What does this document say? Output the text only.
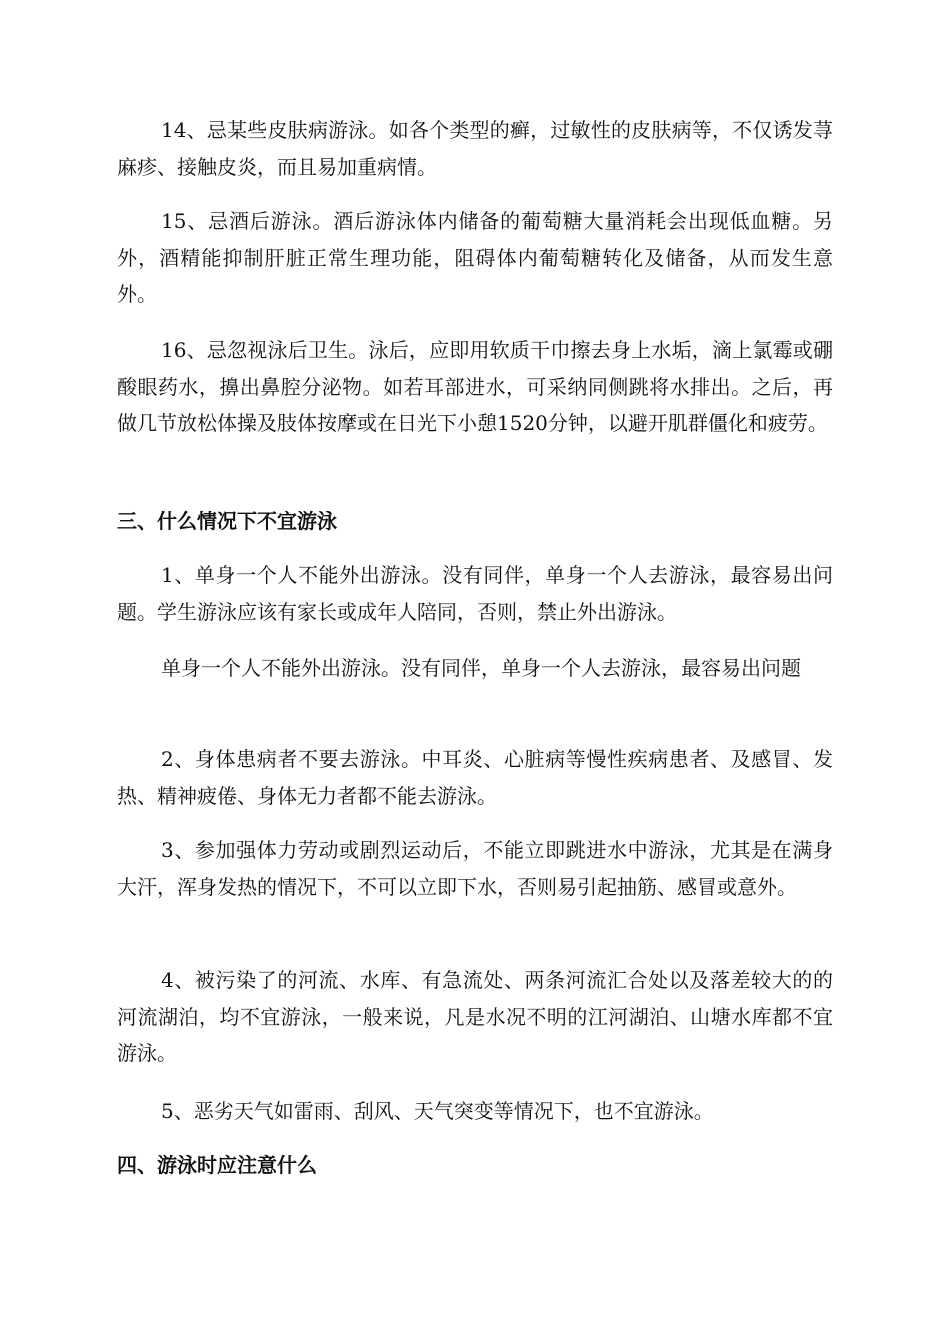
14、忌某些皮肤病游泳。如各个类型的癣，过敏性的皮肤病等，不仅诱发荨麻疹、接触皮炎，而且易加重病情。

15、忌酒后游泳。酒后游泳体内储备的葡萄糖大量消耗会出现低血糖。另外，酒精能抑制肝脏正常生理功能，阻碍体内葡萄糖转化及储备，从而发生意外。

16、忌忽视泳后卫生。泳后，应即用软质干巾擦去身上水垢，滴上氯霉或硼酸眼药水，擤出鼻腔分泌物。如若耳部进水，可采纳同侧跳将水排出。之后，再做几节放松体操及肢体按摩或在日光下小憩1520分钟，以避开肌群僵化和疲劳。

三、什么情况下不宜游泳

1、单身一个人不能外出游泳。没有同伴，单身一个人去游泳，最容易出问题。学生游泳应该有家长或成年人陪同，否则，禁止外出游泳。

单身一个人不能外出游泳。没有同伴，单身一个人去游泳，最容易出问题

2、身体患病者不要去游泳。中耳炎、心脏病等慢性疾病患者、及感冒、发热、精神疲倦、身体无力者都不能去游泳。

3、参加强体力劳动或剧烈运动后，不能立即跳进水中游泳，尤其是在满身大汗，浑身发热的情况下，不可以立即下水，否则易引起抽筋、感冒或意外。

4、被污染了的河流、水库、有急流处、两条河流汇合处以及落差较大的的河流湖泊，均不宜游泳，一般来说，凡是水况不明的江河湖泊、山塘水库都不宜游泳。

5、恶劣天气如雷雨、刮风、天气突变等情况下，也不宜游泳。

四、游泳时应注意什么
